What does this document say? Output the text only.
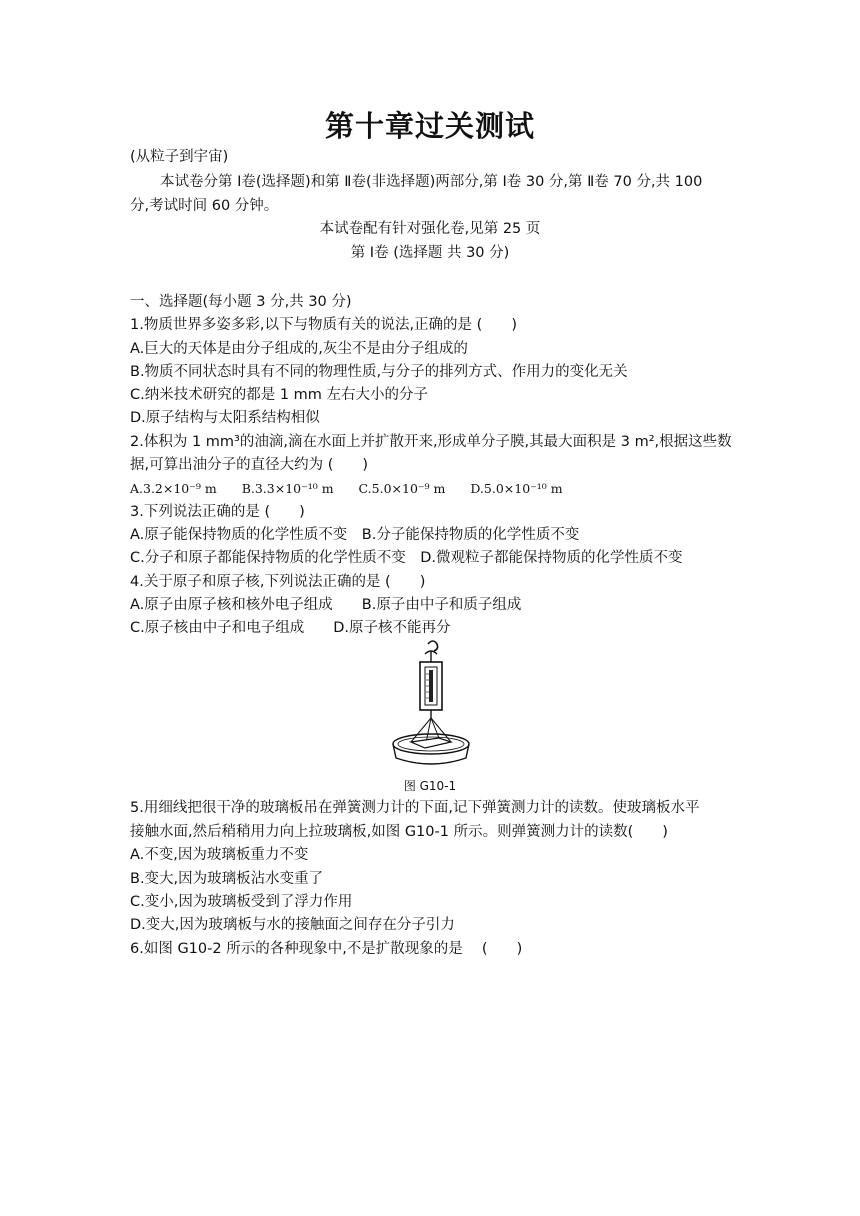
第十章过关测试
(从粒子到宇宙)
本试卷分第 Ⅰ卷(选择题)和第 Ⅱ卷(非选择题)两部分,第 Ⅰ卷 30 分,第 Ⅱ卷 70 分,共 100
分,考试时间 60 分钟。
本试卷配有针对强化卷,见第 25 页
第 Ⅰ卷 (选择题 共 30 分)
一、选择题(每小题 3 分,共 30 分)
1.物质世界多姿多彩,以下与物质有关的说法,正确的是 (　　)
A.巨大的天体是由分子组成的,灰尘不是由分子组成的
B.物质不同状态时具有不同的物理性质,与分子的排列方式、作用力的变化无关
C.纳米技术研究的都是 1 mm 左右大小的分子
D.原子结构与太阳系结构相似
2.体积为 1 mm³的油滴,滴在水面上并扩散开来,形成单分子膜,其最大面积是 3 m²,根据这些数
据,可算出油分子的直径大约为 (　　)
A.3.2×10⁻⁹ m　　B.3.3×10⁻¹⁰ m　　C.5.0×10⁻⁹ m　　D.5.0×10⁻¹⁰ m
3.下列说法正确的是 (　　)
A.原子能保持物质的化学性质不变　B.分子能保持物质的化学性质不变
C.分子和原子都能保持物质的化学性质不变　D.微观粒子都能保持物质的化学性质不变
4.关于原子和原子核,下列说法正确的是 (　　)
A.原子由原子核和核外电子组成　　B.原子由中子和质子组成
C.原子核由中子和电子组成　　D.原子核不能再分
图 G10-1
5.用细线把很干净的玻璃板吊在弹簧测力计的下面,记下弹簧测力计的读数。使玻璃板水平
接触水面,然后稍稍用力向上拉玻璃板,如图 G10-1 所示。则弹簧测力计的读数(　　)
A.不变,因为玻璃板重力不变
B.变大,因为玻璃板沾水变重了
C.变小,因为玻璃板受到了浮力作用
D.变大,因为玻璃板与水的接触面之间存在分子引力
6.如图 G10-2 所示的各种现象中,不是扩散现象的是　 (　　)
